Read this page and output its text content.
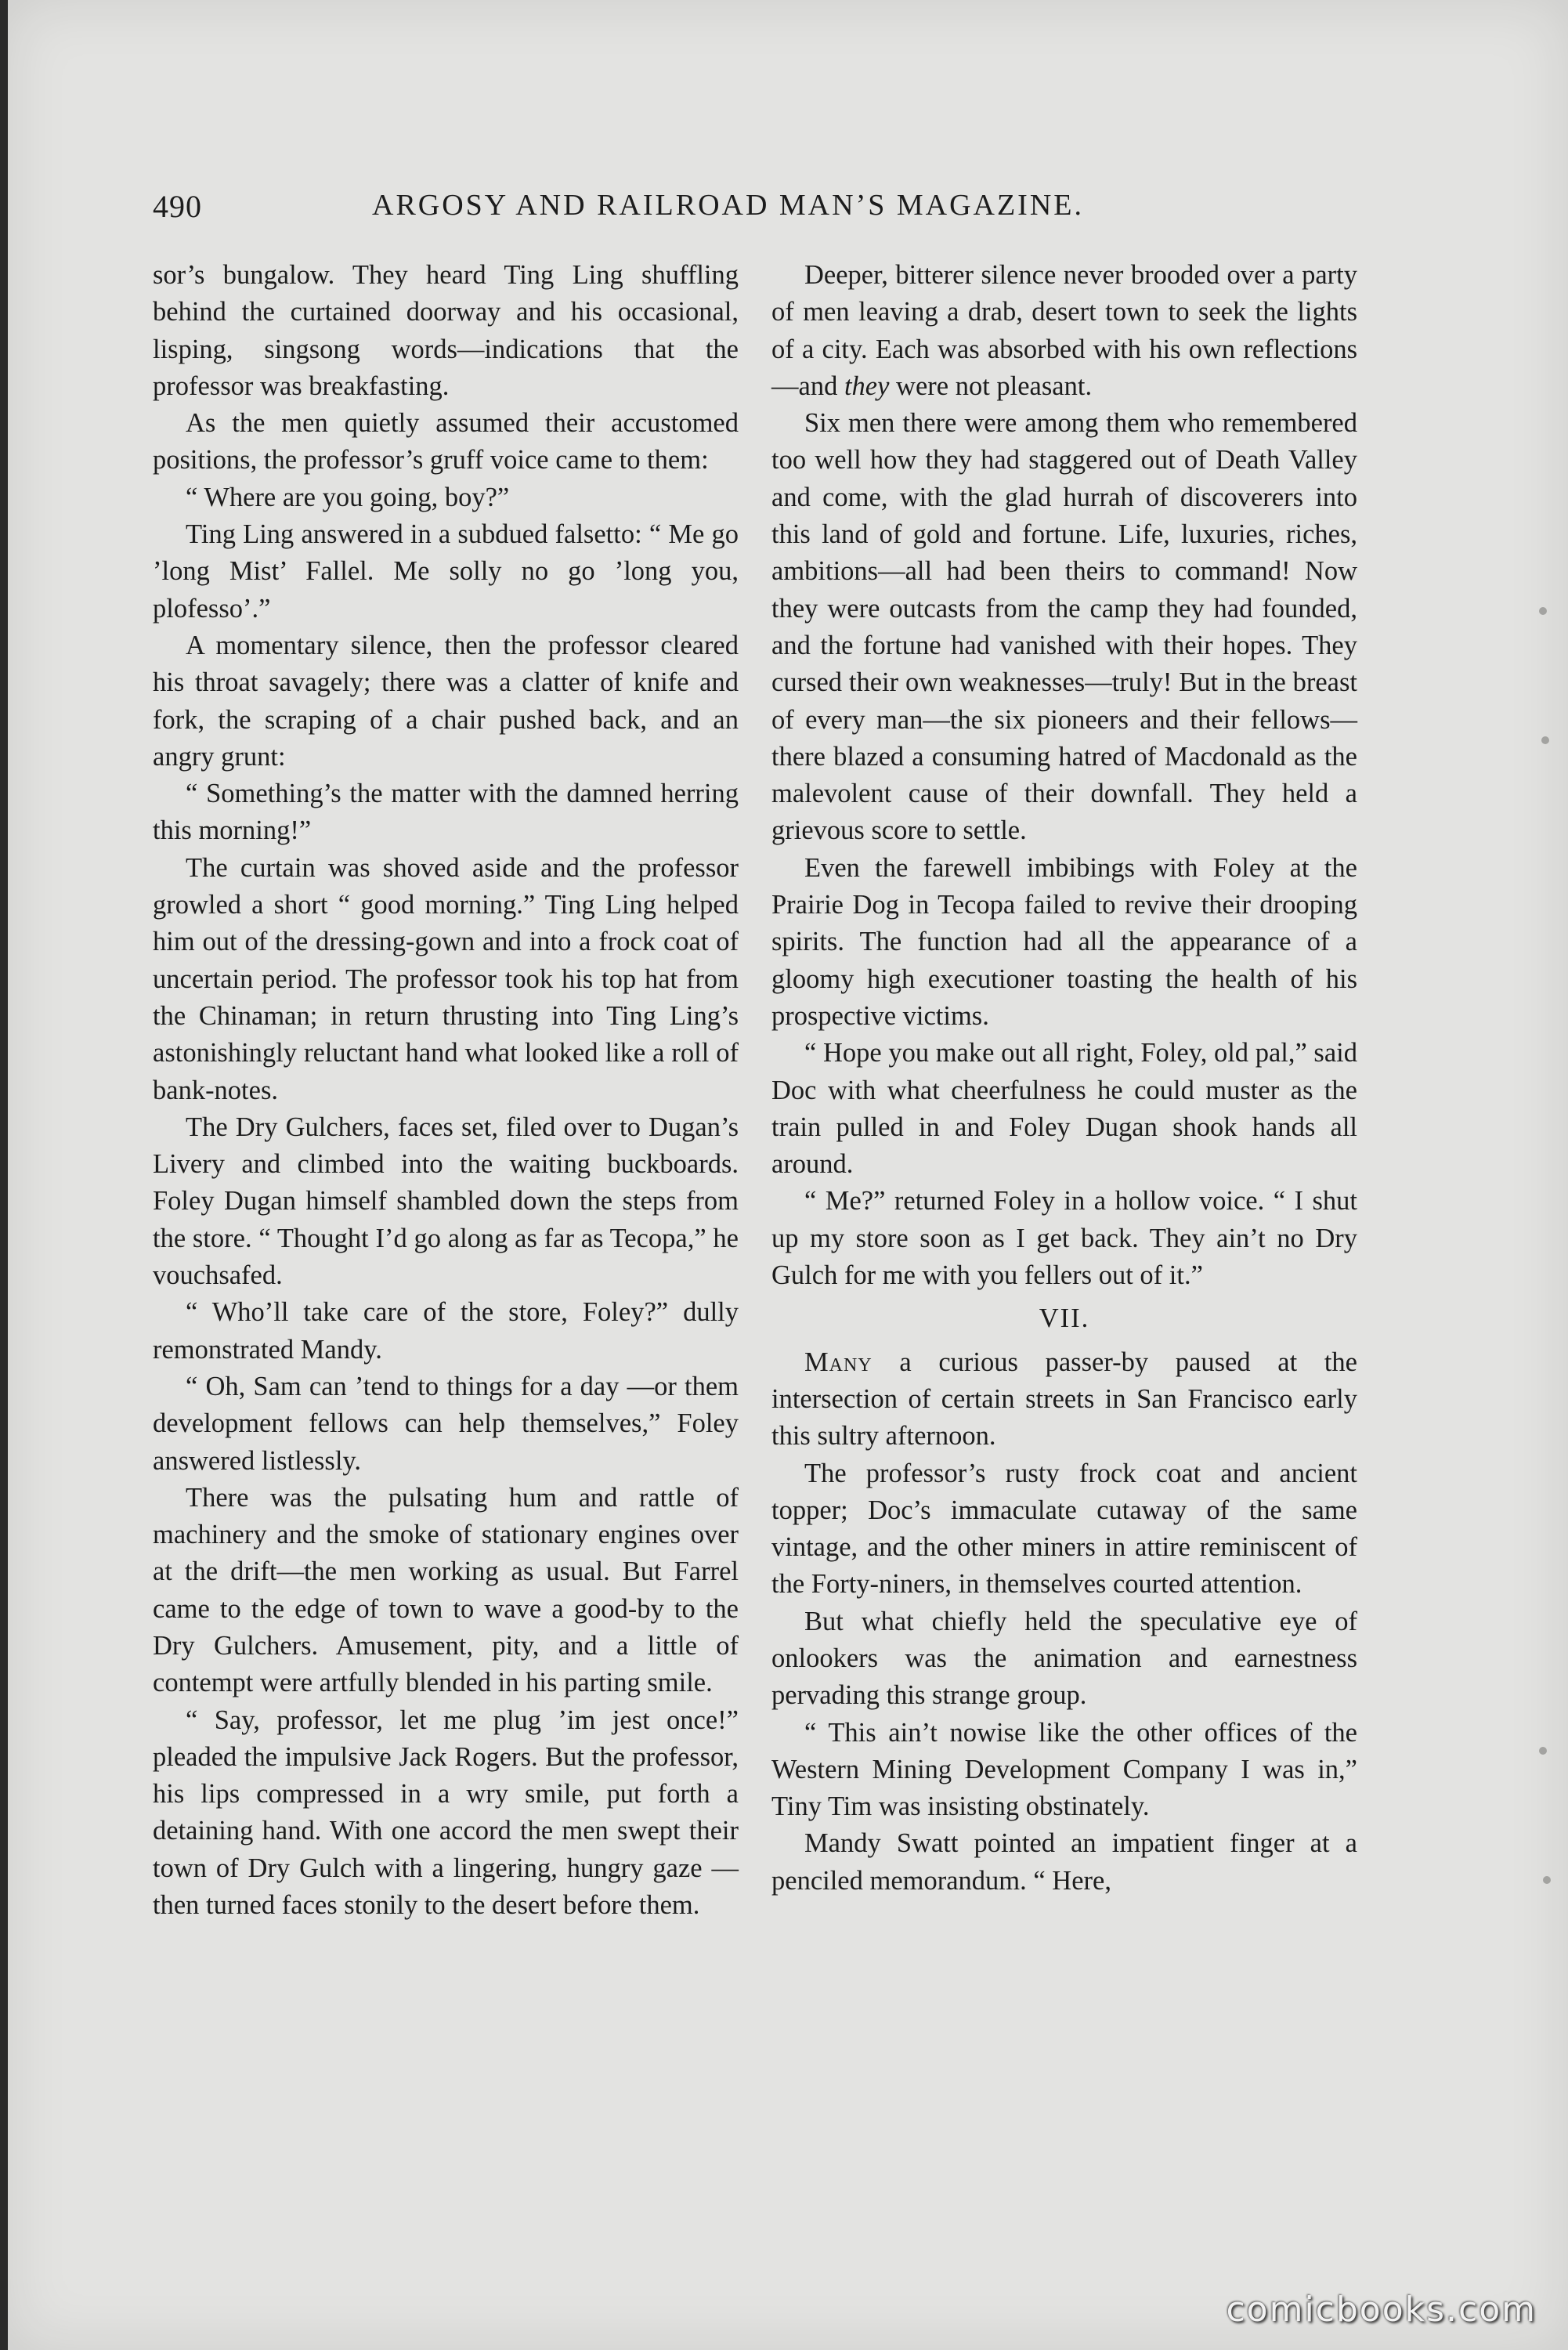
490	ARGOSY AND RAILROAD MAN’S MAGAZINE.

sor’s bungalow. They heard Ting Ling shuffling behind the curtained doorway and his occasional, lisping, singsong words—indications that the professor was breakfasting.

As the men quietly assumed their accustomed positions, the professor’s gruff voice came to them:

“ Where are you going, boy?”

Ting Ling answered in a subdued falsetto: “ Me go ’long Mist’ Fallel. Me solly no go ’long you, plofesso’.”

A momentary silence, then the professor cleared his throat savagely; there was a clatter of knife and fork, the scraping of a chair pushed back, and an angry grunt:

“ Something’s the matter with the damned herring this morning!”

The curtain was shoved aside and the professor growled a short “ good morning.” Ting Ling helped him out of the dressing-gown and into a frock coat of uncertain period. The professor took his top hat from the Chinaman; in return thrusting into Ting Ling’s astonishingly reluctant hand what looked like a roll of bank-notes.

The Dry Gulchers, faces set, filed over to Dugan’s Livery and climbed into the waiting buckboards. Foley Dugan himself shambled down the steps from the store. “ Thought I’d go along as far as Tecopa,” he vouchsafed.

“ Who’ll take care of the store, Foley?” dully remonstrated Mandy.

“ Oh, Sam can ’tend to things for a day —or them development fellows can help themselves,” Foley answered listlessly.

There was the pulsating hum and rattle of machinery and the smoke of stationary engines over at the drift—the men working as usual. But Farrel came to the edge of town to wave a good-by to the Dry Gulchers. Amusement, pity, and a little of contempt were artfully blended in his parting smile.

“ Say, professor, let me plug ’im jest once!” pleaded the impulsive Jack Rogers. But the professor, his lips compressed in a wry smile, put forth a detaining hand. With one accord the men swept their town of Dry Gulch with a lingering, hungry gaze —then turned faces stonily to the desert before them.

Deeper, bitterer silence never brooded over a party of men leaving a drab, desert town to seek the lights of a city. Each was absorbed with his own reflections—and they were not pleasant.

Six men there were among them who remembered too well how they had staggered out of Death Valley and come, with the glad hurrah of discoverers into this land of gold and fortune. Life, luxuries, riches, ambitions—all had been theirs to command! Now they were outcasts from the camp they had founded, and the fortune had vanished with their hopes. They cursed their own weaknesses—truly! But in the breast of every man—the six pioneers and their fellows—there blazed a consuming hatred of Macdonald as the malevolent cause of their downfall. They held a grievous score to settle.

Even the farewell imbibings with Foley at the Prairie Dog in Tecopa failed to revive their drooping spirits. The function had all the appearance of a gloomy high executioner toasting the health of his prospective victims.

“ Hope you make out all right, Foley, old pal,” said Doc with what cheerfulness he could muster as the train pulled in and Foley Dugan shook hands all around.

“ Me?” returned Foley in a hollow voice. “ I shut up my store soon as I get back. They ain’t no Dry Gulch for me with you fellers out of it.”

VII.

Many a curious passer-by paused at the intersection of certain streets in San Francisco early this sultry afternoon.

The professor’s rusty frock coat and ancient topper; Doc’s immaculate cutaway of the same vintage, and the other miners in attire reminiscent of the Forty-niners, in themselves courted attention.

But what chiefly held the speculative eye of onlookers was the animation and earnestness pervading this strange group.

“ This ain’t nowise like the other offices of the Western Mining Development Company I was in,” Tiny Tim was insisting obstinately.

Mandy Swatt pointed an impatient finger at a penciled memorandum. “ Here,

comicbooks.com
